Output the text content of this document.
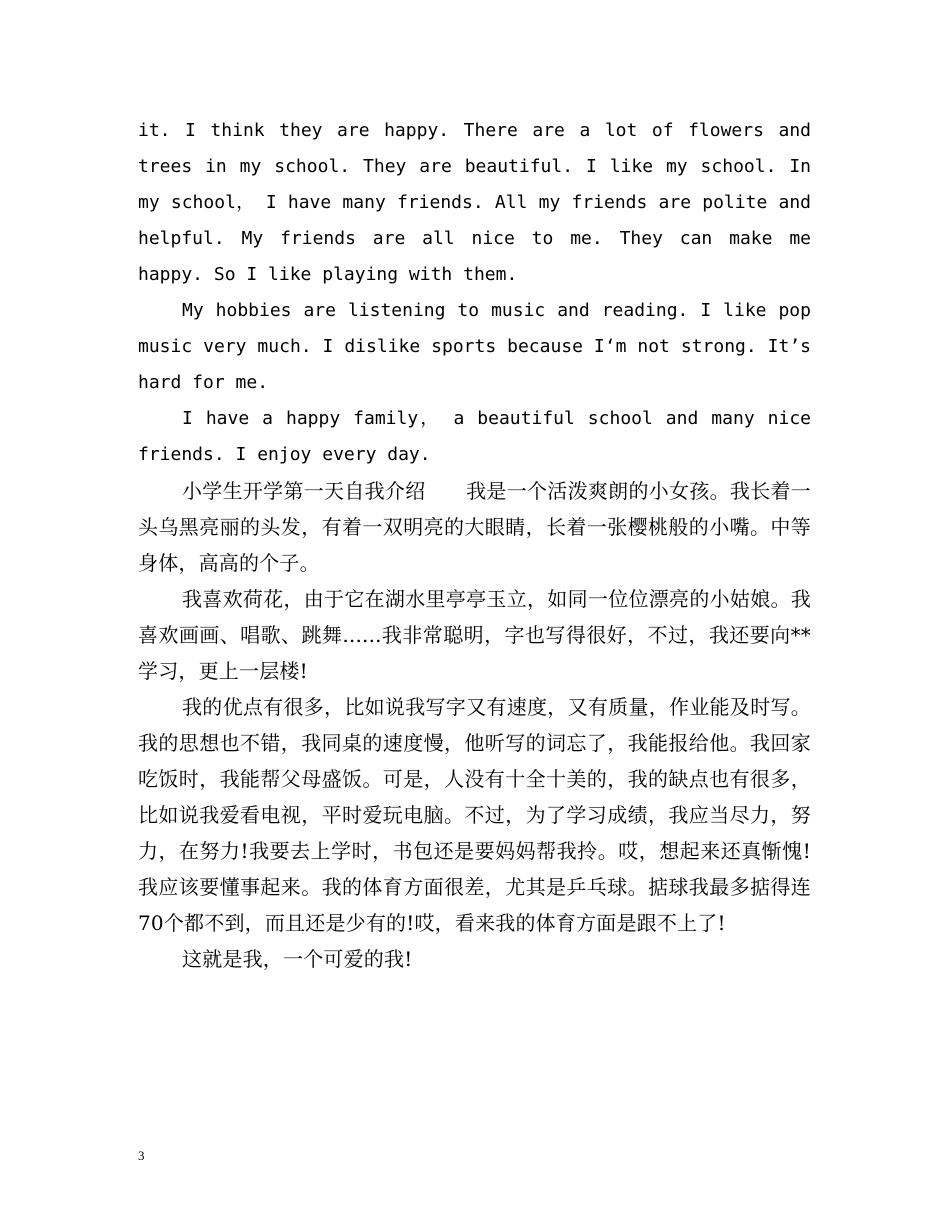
it. I think they are happy. There are a lot of flowers and trees in my school. They are beautiful. I like my school. In my school， I have many friends. All my friends are polite and helpful. My friends are all nice to me. They can make me happy. So I like playing with them.

My hobbies are listening to music and reading. I like pop music very much. I dislike sports because I‘m not strong. It’s hard for me.

I have a happy family， a beautiful school and many nice friends. I enjoy every day.

小学生开学第一天自我介绍　　我是一个活泼爽朗的小女孩。我长着一头乌黑亮丽的头发，有着一双明亮的大眼睛，长着一张樱桃般的小嘴。中等身体，高高的个子。

我喜欢荷花，由于它在湖水里亭亭玉立，如同一位位漂亮的小姑娘。我喜欢画画、唱歌、跳舞......我非常聪明，字也写得很好，不过，我还要向**学习，更上一层楼!

我的优点有很多，比如说我写字又有速度，又有质量，作业能及时写。我的思想也不错，我同桌的速度慢，他听写的词忘了，我能报给他。我回家吃饭时，我能帮父母盛饭。可是，人没有十全十美的，我的缺点也有很多，比如说我爱看电视，平时爱玩电脑。不过，为了学习成绩，我应当尽力，努力，在努力!我要去上学时，书包还是要妈妈帮我拎。哎，想起来还真惭愧!我应该要懂事起来。我的体育方面很差，尤其是乒乓球。掂球我最多掂得连70个都不到，而且还是少有的!哎，看来我的体育方面是跟不上了!

这就是我，一个可爱的我!

3
